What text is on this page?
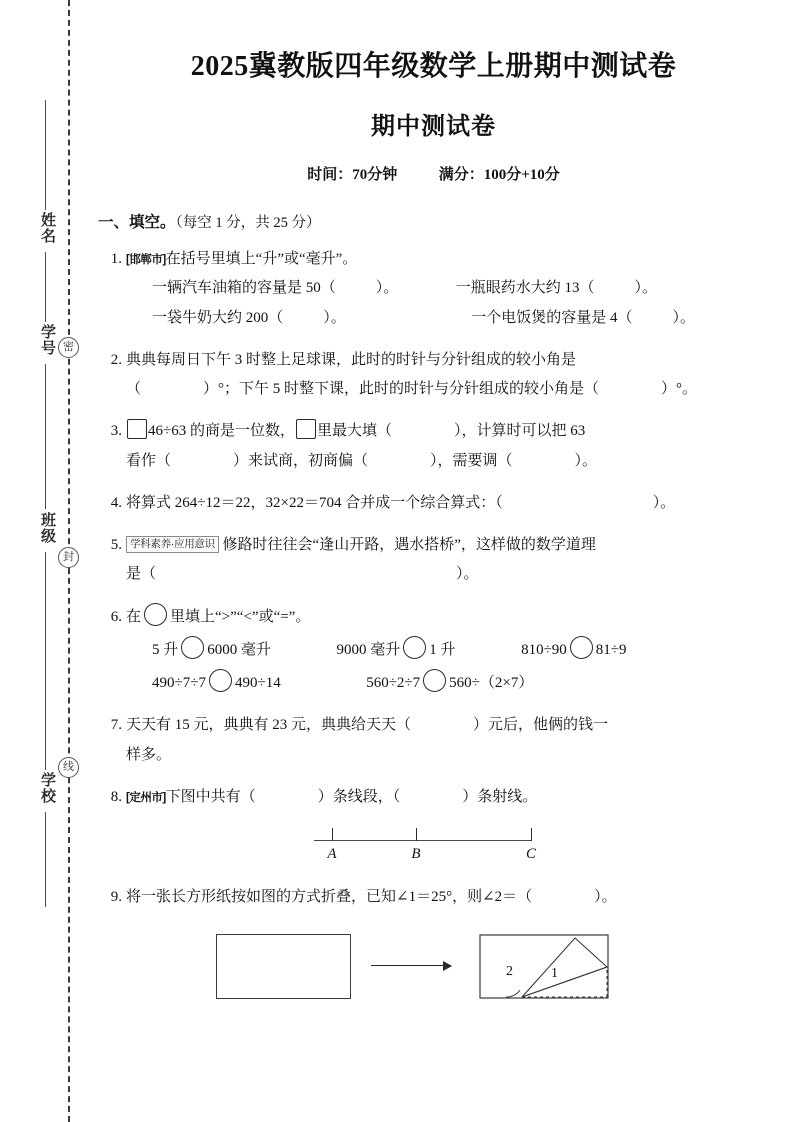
姓名
学号
班级
学校
密
封
线
2025冀教版四年级数学上册期中测试卷
期中测试卷
时间：70分钟	满分：100分+10分
一、填空。（每空 1 分，共 25 分）
1. [邯郸市]在括号里填上“升”或“毫升”。
一辆汽车油箱的容量是 50（	）。	一瓶眼药水大约 13（	）。
一袋牛奶大约 200（	）。	一个电饭煲的容量是 4（	）。
2. 典典每周日下午 3 时整上足球课，此时的时针与分针组成的较小角是
（	）°；下午 5 时整下课，此时的时针与分针组成的较小角是（	）°。
3.	46÷63 的商是一位数， 里最大填（	），计算时可以把 63
看作（	）来试商，初商偏（	），需要调（	）。
4. 将算式 264÷12＝22，32×22＝704 合并成一个综合算式：（	）。
5. 学科素养·应用意识 修路时往往会“逢山开路，遇水搭桥”，这样做的数学道理
是（	）。
6. 在 里填上“>”“<”或“=”。
5 升 6000 毫升	9000 毫升 1 升	810÷90 81÷9
490÷7÷7 490÷14	560÷2÷7 560÷（2×7）
7. 天天有 15 元，典典有 23 元，典典给天天（	）元后，他俩的钱一
样多。
8. [定州市]下图中共有（	）条线段，（	）条射线。
A	B	C
9. 将一张长方形纸按如图的方式折叠，已知∠1＝25°，则∠2＝（	）。
1
2
